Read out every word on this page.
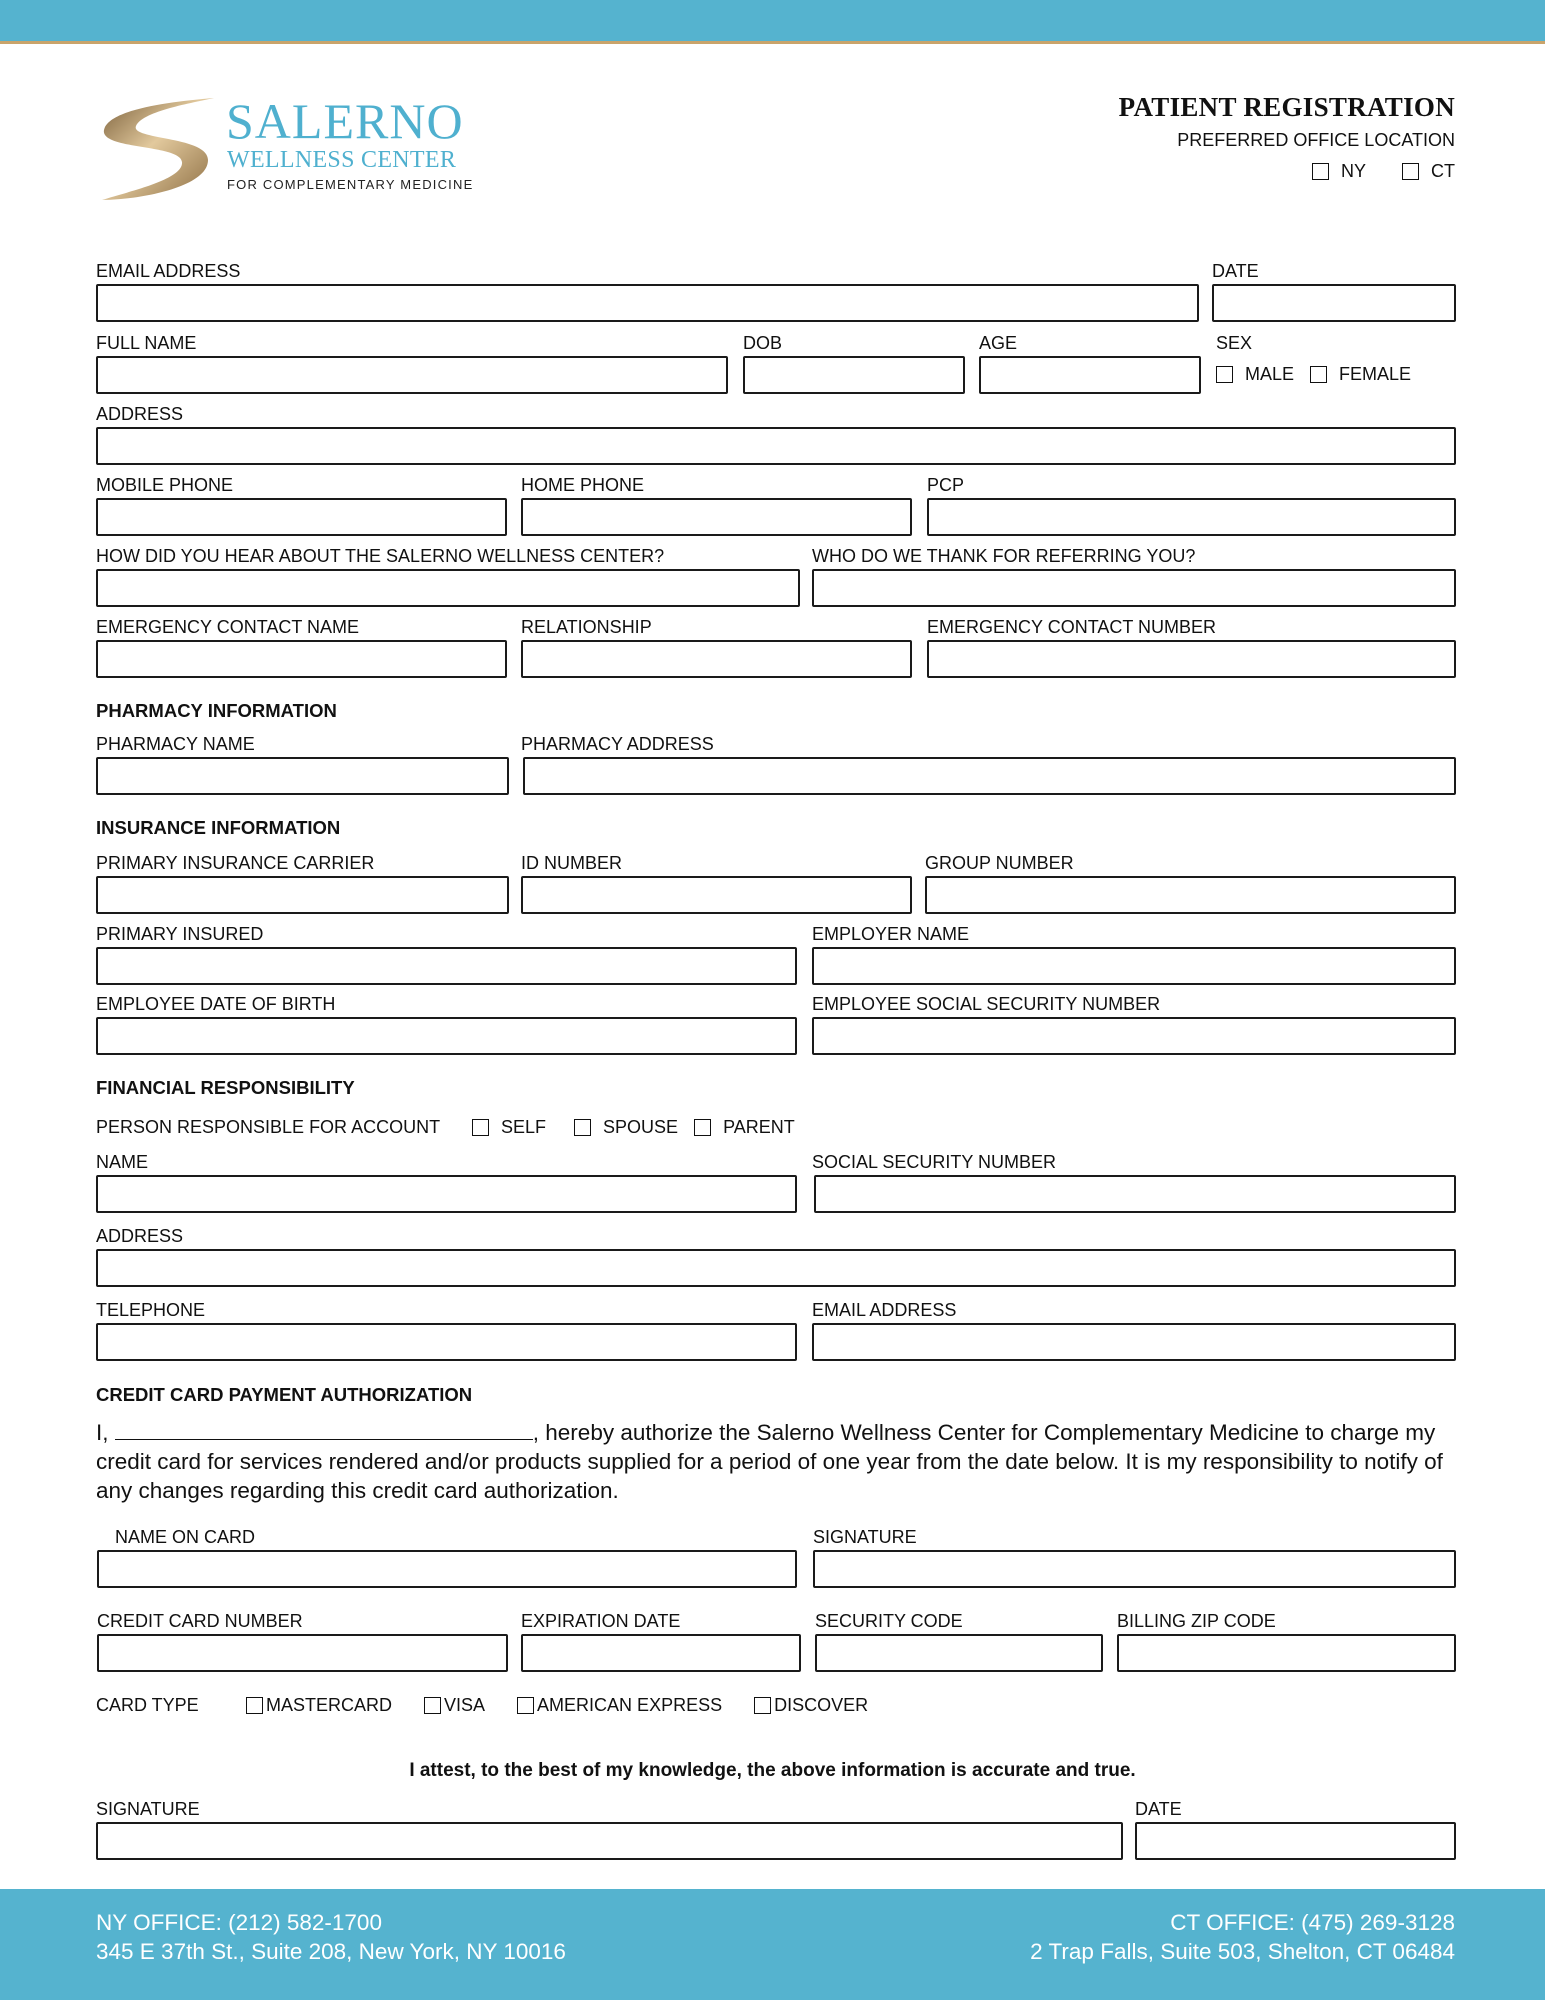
SALERNO
WELLNESS CENTER
FOR COMPLEMENTARY MEDICINE
PATIENT REGISTRATION
PREFERRED OFFICE LOCATION
NY	CT
EMAIL ADDRESS	DATE
FULL NAME	DOB	AGE	SEX
MALE	FEMALE
ADDRESS
MOBILE PHONE	HOME PHONE	PCP
HOW DID YOU HEAR ABOUT THE SALERNO WELLNESS CENTER?	WHO DO WE THANK FOR REFERRING YOU?
EMERGENCY CONTACT NAME	RELATIONSHIP	EMERGENCY CONTACT NUMBER
PHARMACY INFORMATION
PHARMACY NAME	PHARMACY ADDRESS
INSURANCE INFORMATION
PRIMARY INSURANCE CARRIER	ID NUMBER	GROUP NUMBER
PRIMARY INSURED	EMPLOYER NAME
EMPLOYEE DATE OF BIRTH	EMPLOYEE SOCIAL SECURITY NUMBER
FINANCIAL RESPONSIBILITY
PERSON RESPONSIBLE FOR ACCOUNT	SELF	SPOUSE	PARENT
NAME	SOCIAL SECURITY NUMBER
ADDRESS
TELEPHONE	EMAIL ADDRESS
CREDIT CARD PAYMENT AUTHORIZATION
I,	, hereby authorize the Salerno Wellness Center for Complementary Medicine to charge my credit card for services rendered and/or products supplied for a period of one year from the date below. It is my responsibility to notify of any changes regarding this credit card authorization.
NAME ON CARD	SIGNATURE
CREDIT CARD NUMBER	EXPIRATION DATE	SECURITY CODE	BILLING ZIP CODE
CARD TYPE	MASTERCARD	VISA	AMERICAN EXPRESS	DISCOVER
I attest, to the best of my knowledge, the above information is accurate and true.
SIGNATURE	DATE
NY OFFICE: (212) 582-1700
345 E 37th St., Suite 208, New York, NY 10016
CT OFFICE: (475) 269-3128
2 Trap Falls, Suite 503, Shelton, CT 06484
